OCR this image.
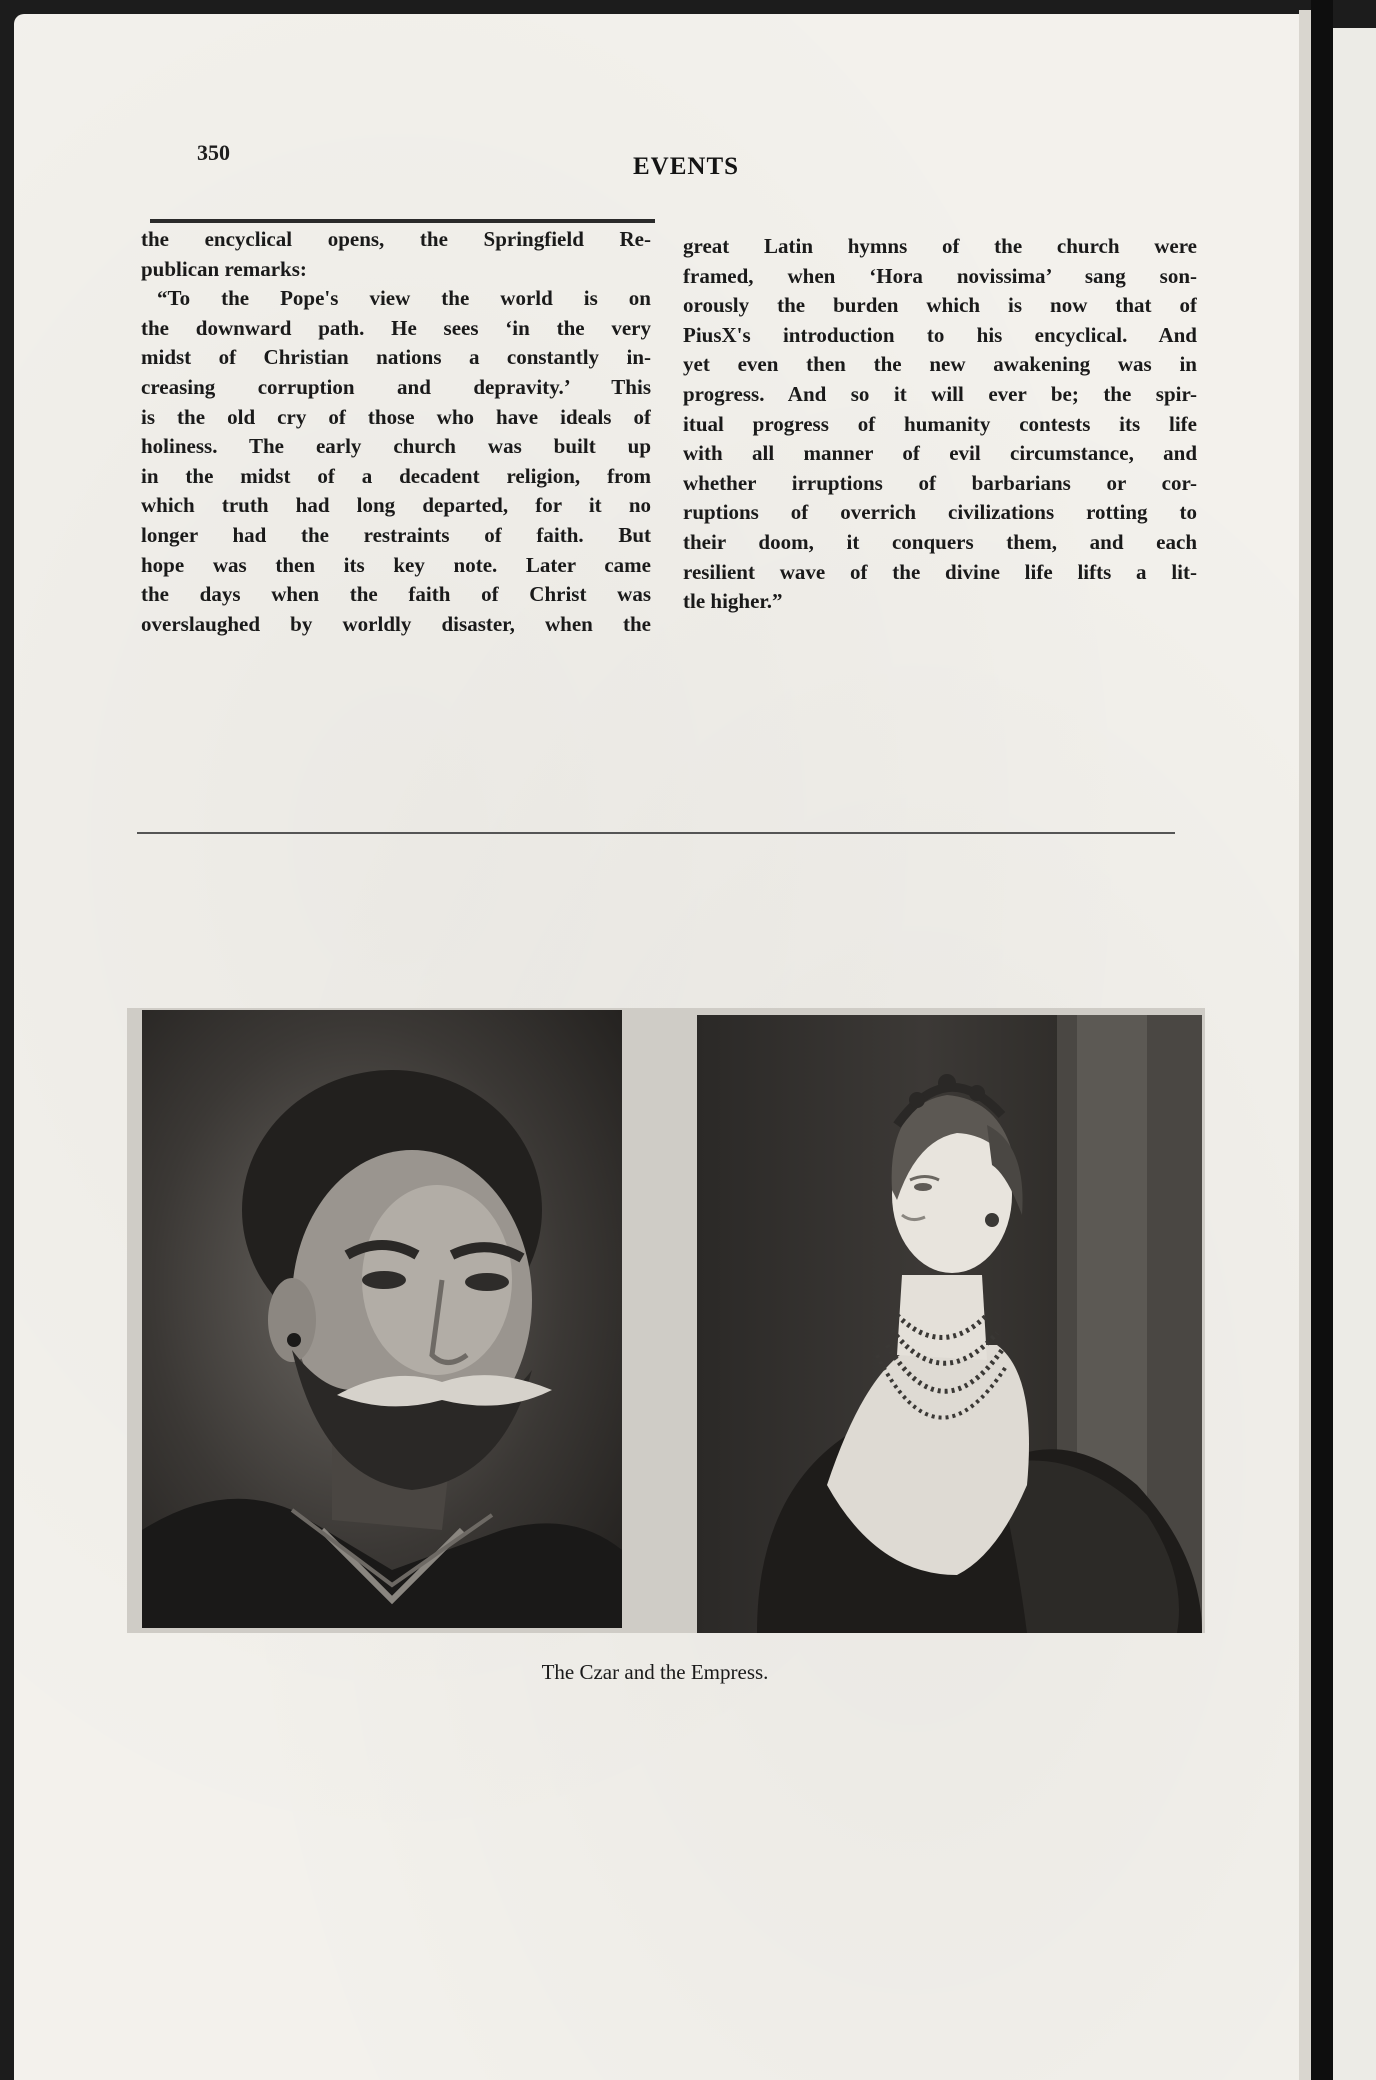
350
EVENTS
the encyclical opens, the Springfield Re-
publican remarks:
“To the Pope's view the world is on
the downward path. He sees ‘in the very
midst of Christian nations a constantly in-
creasing corruption and depravity.’ This
is the old cry of those who have ideals of
holiness. The early church was built up
in the midst of a decadent religion, from
which truth had long departed, for it no
longer had the restraints of faith. But
hope was then its key note. Later came
the days when the faith of Christ was
overslaughed by worldly disaster, when the
great Latin hymns of the church were
framed, when ‘Hora novissima’ sang son-
orously the burden which is now that of
PiusX's introduction to his encyclical. And
yet even then the new awakening was in
progress. And so it will ever be; the spir-
itual progress of humanity contests its life
with all manner of evil circumstance, and
whether irruptions of barbarians or cor-
ruptions of overrich civilizations rotting to
their doom, it conquers them, and each
resilient wave of the divine life lifts a lit-
tle higher.”
The Czar and the Empress.
